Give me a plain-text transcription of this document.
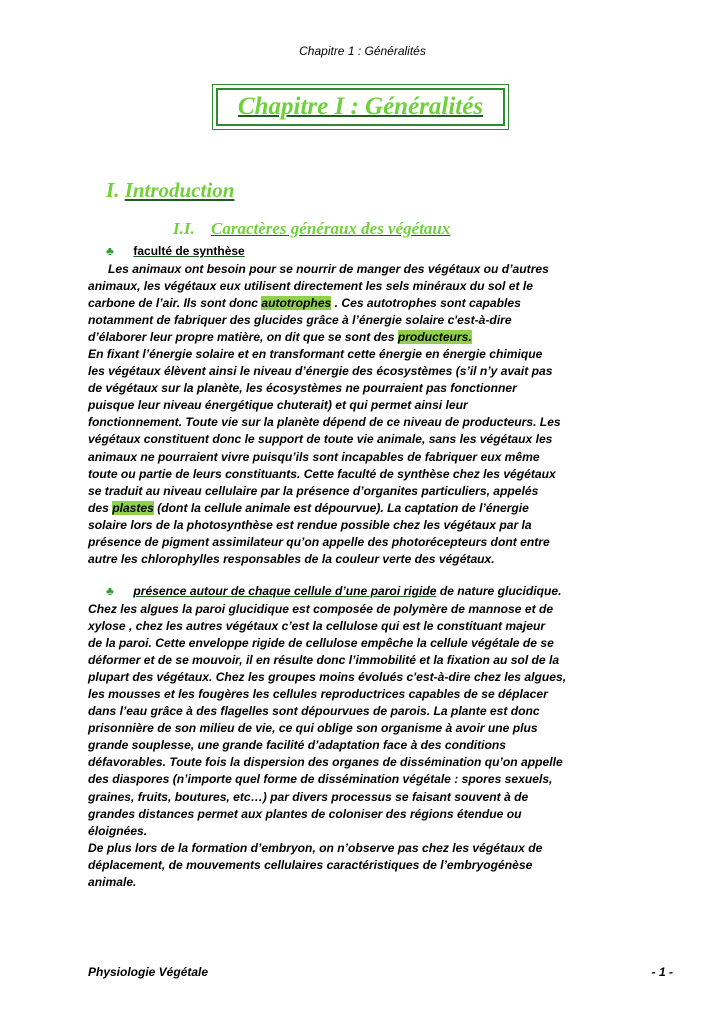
Chapitre 1 : Généralités
Chapitre I : Généralités
I. Introduction
I.I. Caractères généraux des végétaux
♣ faculté de synthèse
Les animaux ont besoin pour se nourrir de manger des végétaux ou d’autres
animaux, les végétaux eux utilisent directement les sels minéraux du sol et le
carbone de l’air. Ils sont donc autotrophes . Ces autotrophes sont capables
notamment de fabriquer des glucides grâce à l’énergie solaire c'est-à-dire
d’élaborer leur propre matière, on dit que se sont des producteurs.
En fixant l’énergie solaire et en transformant cette énergie en énergie chimique
les végétaux élèvent ainsi le niveau d’énergie des écosystèmes (s’il n’y avait pas
de végétaux sur la planète, les écosystèmes ne pourraient pas fonctionner
puisque leur niveau énergétique chuterait) et qui permet ainsi leur
fonctionnement. Toute vie sur la planète dépend de ce niveau de producteurs. Les
végétaux constituent donc le support de toute vie animale, sans les végétaux les
animaux ne pourraient vivre puisqu’ils sont incapables de fabriquer eux même
toute ou partie de leurs constituants. Cette faculté de synthèse chez les végétaux
se traduit au niveau cellulaire par la présence d’organites particuliers, appelés
des plastes (dont la cellule animale est dépourvue). La captation de l’énergie
solaire lors de la photosynthèse est rendue possible chez les végétaux par la
présence de pigment assimilateur qu’on appelle des photorécepteurs dont entre
autre les chlorophylles responsables de la couleur verte des végétaux.
♣ présence autour de chaque cellule d’une paroi rigide de nature glucidique.
Chez les algues la paroi glucidique est composée de polymère de mannose et de
xylose , chez les autres végétaux c’est la cellulose qui est le constituant majeur
de la paroi. Cette enveloppe rigide de cellulose empêche la cellule végétale de se
déformer et de se mouvoir, il en résulte donc l’immobilité et la fixation au sol de la
plupart des végétaux. Chez les groupes moins évolués c'est-à-dire chez les algues,
les mousses et les fougères les cellules reproductrices capables de se déplacer
dans l’eau grâce à des flagelles sont dépourvues de parois. La plante est donc
prisonnière de son milieu de vie, ce qui oblige son organisme à avoir une plus
grande souplesse, une grande facilité d’adaptation face à des conditions
défavorables. Toute fois la dispersion des organes de dissémination qu’on appelle
des diaspores (n’importe quel forme de dissémination végétale : spores sexuels,
graines, fruits, boutures, etc…) par divers processus se faisant souvent à de
grandes distances permet aux plantes de coloniser des régions étendue ou
éloignées.
De plus lors de la formation d’embryon, on n’observe pas chez les végétaux de
déplacement, de mouvements cellulaires caractéristiques de l’embryogénèse
animale.
Physiologie Végétale	- 1 -
